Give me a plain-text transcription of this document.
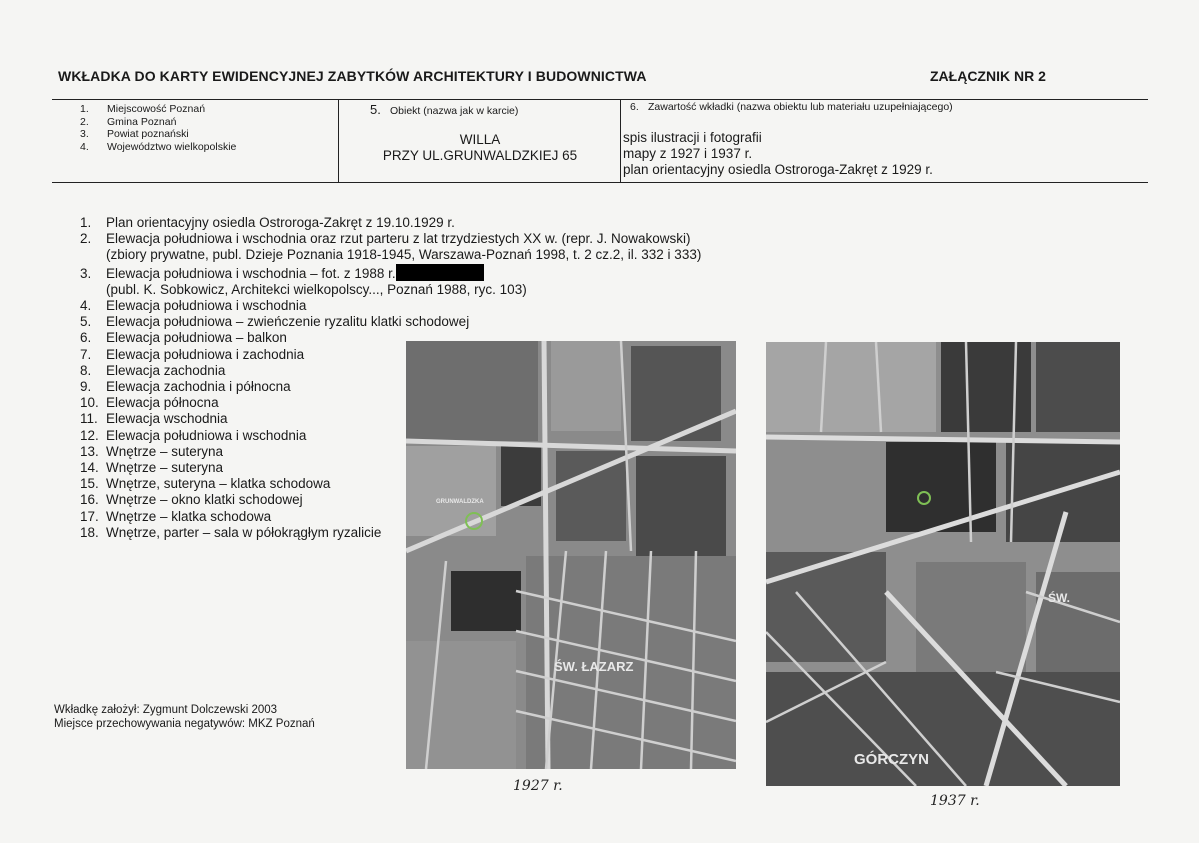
WKŁADKA DO KARTY EWIDENCYJNEJ ZABYTKÓW ARCHITEKTURY I BUDOWNICTWA	ZAŁĄCZNIK NR 2
1. Miejscowość Poznań
2. Gmina Poznań
3. Powiat poznański
4. Województwo wielkopolskie
5. Obiekt (nazwa jak w karcie)
WILLA
PRZY UL.GRUNWALDZKIEJ 65
6. Zawartość wkładki (nazwa obiektu lub materiału uzupełniającego)
spis ilustracji i fotografii
mapy z 1927 i 1937 r.
plan orientacyjny osiedla Ostroroga-Zakręt z 1929 r.
1. Plan orientacyjny osiedla Ostroroga-Zakręt z 19.10.1929 r.
2. Elewacja południowa i wschodnia oraz rzut parteru z lat trzydziestych XX w. (repr. J. Nowakowski)
(zbiory prywatne, publ. Dzieje Poznania 1918-1945, Warszawa-Poznań 1998, t. 2 cz.2, il. 332 i 333)
3. Elewacja południowa i wschodnia – fot. z 1988 r.
(publ. K. Sobkowicz, Architekci wielkopolscy..., Poznań 1988, ryc. 103)
4. Elewacja południowa i wschodnia
5. Elewacja południowa – zwieńczenie ryzalitu klatki schodowej
6. Elewacja południowa – balkon
7. Elewacja południowa i zachodnia
8. Elewacja zachodnia
9. Elewacja zachodnia i północna
10. Elewacja północna
11. Elewacja wschodnia
12. Elewacja południowa i wschodnia
13. Wnętrze – suteryna
14. Wnętrze – suteryna
15. Wnętrze, suteryna – klatka schodowa
16. Wnętrze – okno klatki schodowej
17. Wnętrze – klatka schodowa
18. Wnętrze, parter – sala w półokrągłym ryzalicie
ŚW. ŁAZARZ
GRUNWALDZKA
GÓRCZYN
ŚW.
1927 r.
1937 r.
Wkładkę założył: Zygmunt Dolczewski 2003
Miejsce przechowywania negatywów: MKZ Poznań
